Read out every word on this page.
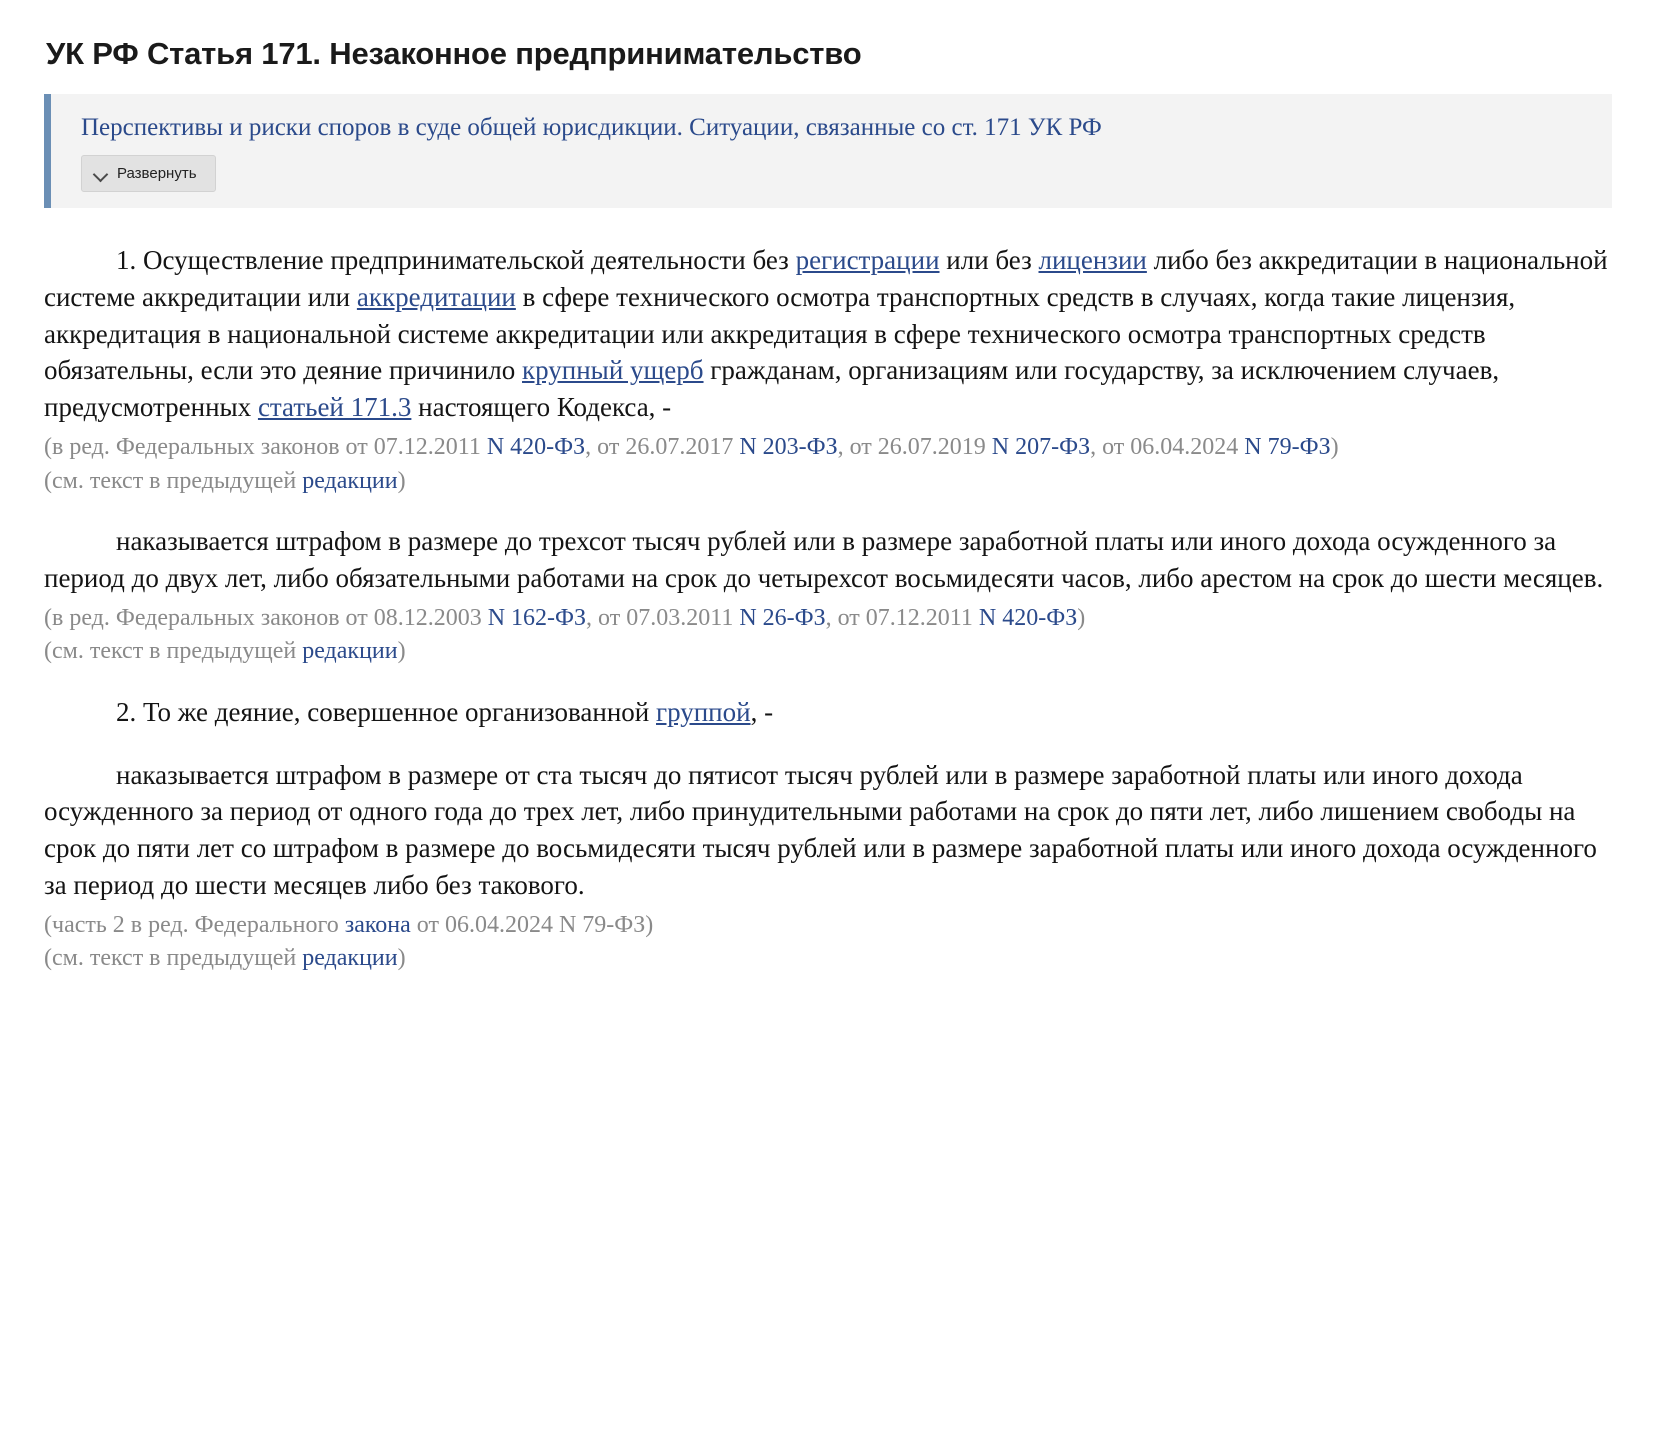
УК РФ Статья 171. Незаконное предпринимательство
Перспективы и риски споров в суде общей юрисдикции. Ситуации, связанные со ст. 171 УК РФ
Развернуть

1. Осуществление предпринимательской деятельности без регистрации или без лицензии либо без аккредитации в национальной системе аккредитации или аккредитации в сфере технического осмотра транспортных средств в случаях, когда такие лицензия, аккредитация в национальной системе аккредитации или аккредитация в сфере технического осмотра транспортных средств обязательны, если это деяние причинило крупный ущерб гражданам, организациям или государству, за исключением случаев, предусмотренных статьей 171.3 настоящего Кодекса, -

(в ред. Федеральных законов от 07.12.2011 N 420-ФЗ, от 26.07.2017 N 203-ФЗ, от 26.07.2019 N 207-ФЗ, от 06.04.2024 N 79-ФЗ)

(см. текст в предыдущей редакции)

наказывается штрафом в размере до трехсот тысяч рублей или в размере заработной платы или иного дохода осужденного за период до двух лет, либо обязательными работами на срок до четырехсот восьмидесяти часов, либо арестом на срок до шести месяцев.

(в ред. Федеральных законов от 08.12.2003 N 162-ФЗ, от 07.03.2011 N 26-ФЗ, от 07.12.2011 N 420-ФЗ)

(см. текст в предыдущей редакции)

2. То же деяние, совершенное организованной группой, -

наказывается штрафом в размере от ста тысяч до пятисот тысяч рублей или в размере заработной платы или иного дохода осужденного за период от одного года до трех лет, либо принудительными работами на срок до пяти лет, либо лишением свободы на срок до пяти лет со штрафом в размере до восьмидесяти тысяч рублей или в размере заработной платы или иного дохода осужденного за период до шести месяцев либо без такового.

(часть 2 в ред. Федерального закона от 06.04.2024 N 79-ФЗ)

(см. текст в предыдущей редакции)
